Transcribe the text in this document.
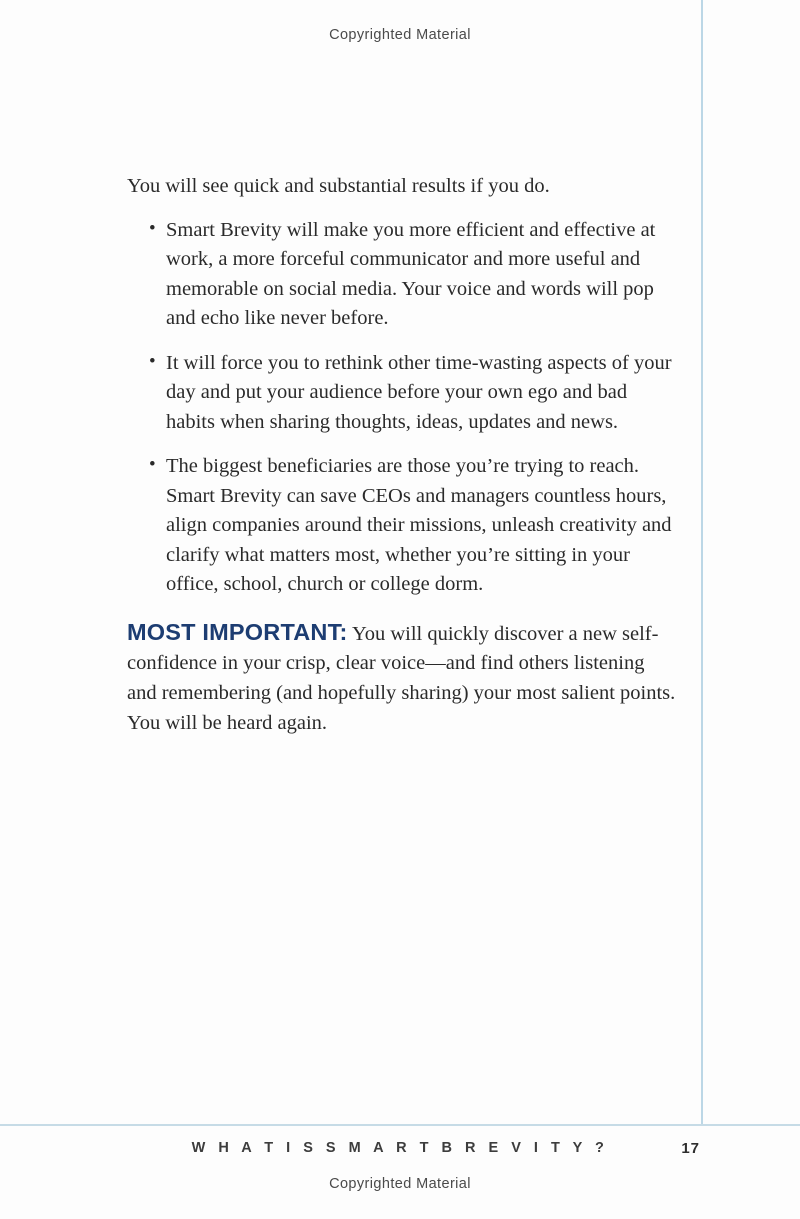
Copyrighted Material

You will see quick and substantial results if you do.

• Smart Brevity will make you more efficient and effective at work, a more forceful communicator and more useful and memorable on social media. Your voice and words will pop and echo like never before.
• It will force you to rethink other time-wasting aspects of your day and put your audience before your own ego and bad habits when sharing thoughts, ideas, updates and news.
• The biggest beneficiaries are those you’re trying to reach. Smart Brevity can save CEOs and managers countless hours, align companies around their missions, unleash creativity and clarify what matters most, whether you’re sitting in your office, school, church or college dorm.

MOST IMPORTANT: You will quickly discover a new self-confidence in your crisp, clear voice—and find others listening and remembering (and hopefully sharing) your most salient points. You will be heard again.

W H A T I S S M A R T B R E V I T Y ?	17
Copyrighted Material
